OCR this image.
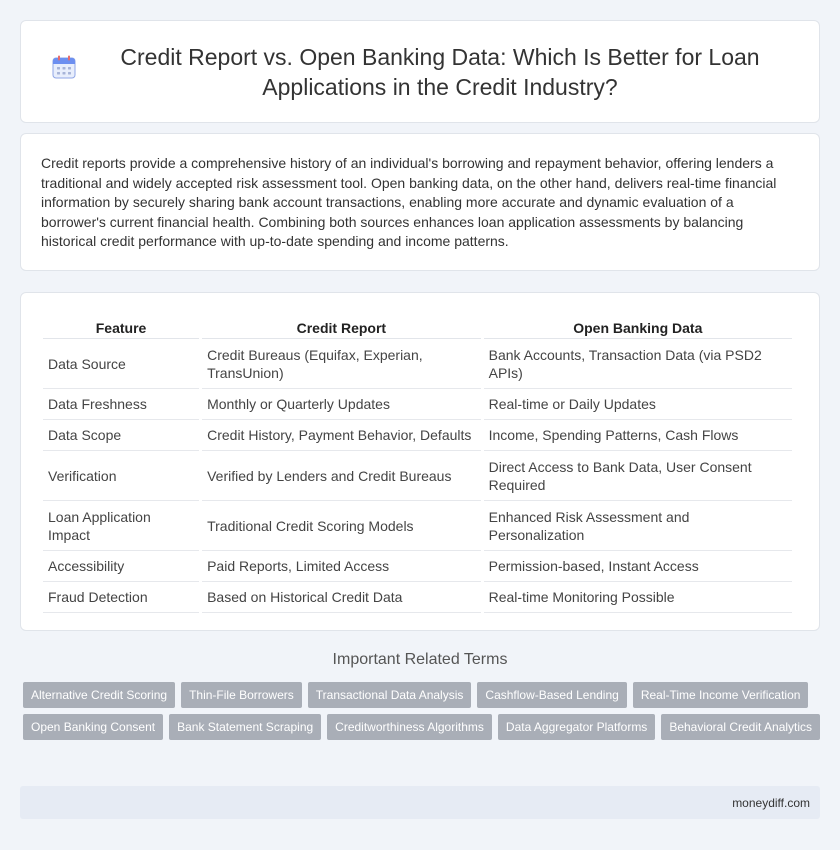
Credit Report vs. Open Banking Data: Which Is Better for Loan Applications in the Credit Industry?

Credit reports provide a comprehensive history of an individual's borrowing and repayment behavior, offering lenders a traditional and widely accepted risk assessment tool. Open banking data, on the other hand, delivers real-time financial information by securely sharing bank account transactions, enabling more accurate and dynamic evaluation of a borrower's current financial health. Combining both sources enhances loan application assessments by balancing historical credit performance with up-to-date spending and income patterns.

Feature	Credit Report	Open Banking Data
Data Source	Credit Bureaus (Equifax, Experian, TransUnion)	Bank Accounts, Transaction Data (via PSD2 APIs)
Data Freshness	Monthly or Quarterly Updates	Real-time or Daily Updates
Data Scope	Credit History, Payment Behavior, Defaults	Income, Spending Patterns, Cash Flows
Verification	Verified by Lenders and Credit Bureaus	Direct Access to Bank Data, User Consent Required
Loan Application Impact	Traditional Credit Scoring Models	Enhanced Risk Assessment and Personalization
Accessibility	Paid Reports, Limited Access	Permission-based, Instant Access
Fraud Detection	Based on Historical Credit Data	Real-time Monitoring Possible
Important Related Terms
Alternative Credit Scoring	Thin-File Borrowers	Transactional Data Analysis	Cashflow-Based Lending	Real-Time Income Verification
Open Banking Consent	Bank Statement Scraping	Creditworthiness Algorithms	Data Aggregator Platforms	Behavioral Credit Analytics
moneydiff.com
